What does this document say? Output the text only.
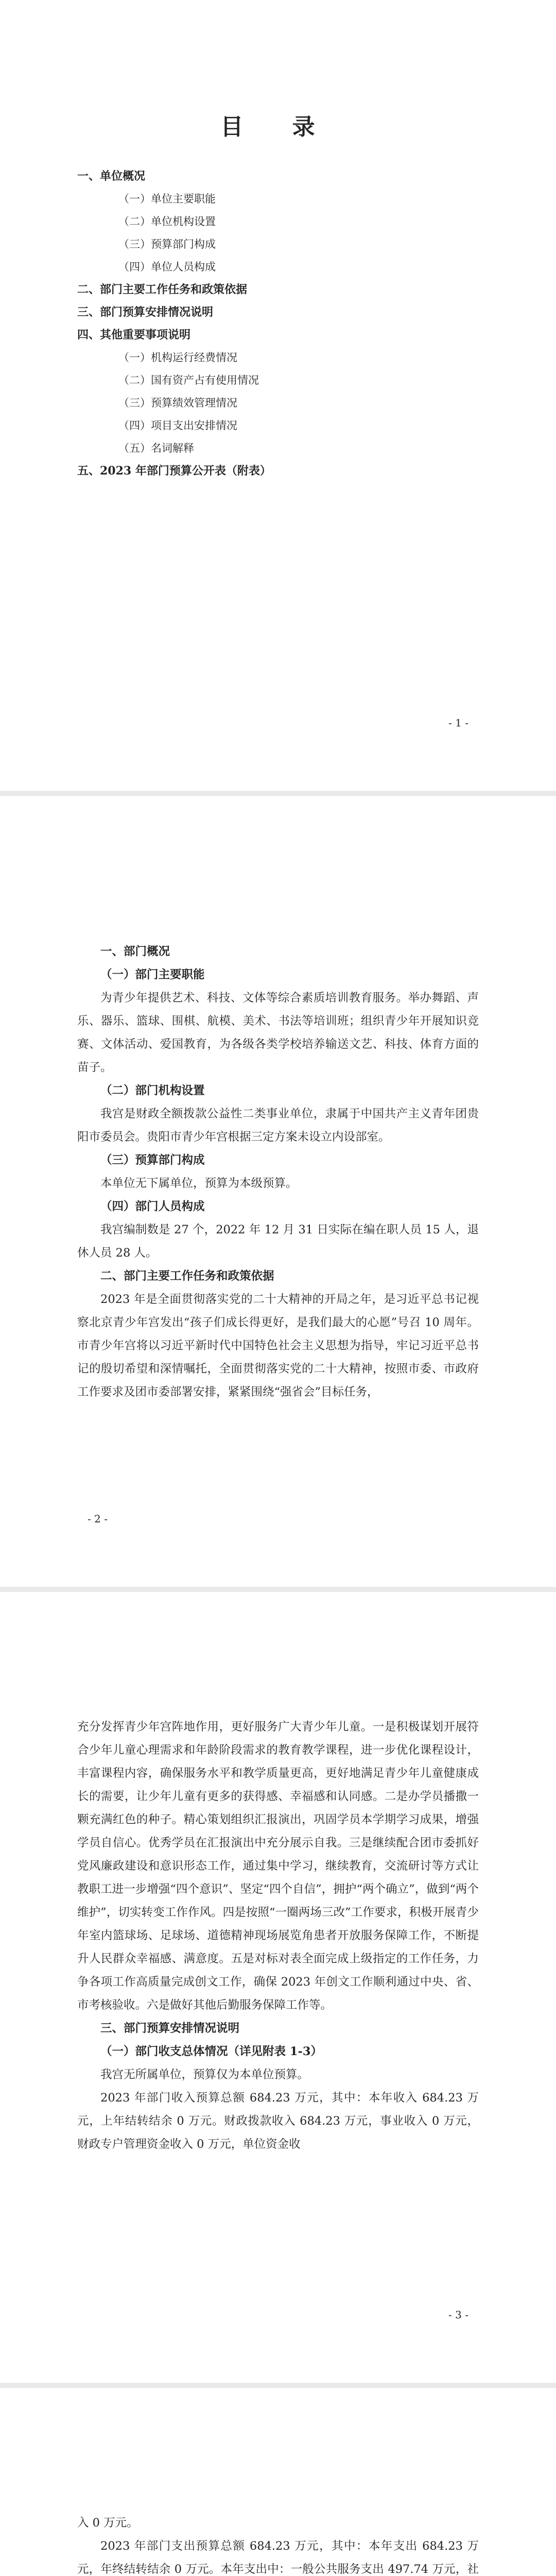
目 录
一、单位概况
（一）单位主要职能
（二）单位机构设置
（三）预算部门构成
（四）单位人员构成
二、部门主要工作任务和政策依据
三、部门预算安排情况说明
四、其他重要事项说明
（一）机构运行经费情况
（二）国有资产占有使用情况
（三）预算绩效管理情况
（四）项目支出安排情况
（五）名词解释
五、2023 年部门预算公开表（附表）
- 1 -

一、部门概况

（一）部门主要职能

为青少年提供艺术、科技、文体等综合素质培训教育服务。举办舞蹈、声乐、器乐、篮球、围棋、航模、美术、书法等培训班；组织青少年开展知识竞赛、文体活动、爱国教育，为各级各类学校培养输送文艺、科技、体育方面的苗子。

（二）部门机构设置

我宫是财政全额拨款公益性二类事业单位，隶属于中国共产主义青年团贵阳市委员会。贵阳市青少年宫根据三定方案未设立内设部室。

（三）预算部门构成

本单位无下属单位，预算为本级预算。

（四）部门人员构成

我宫编制数是 27 个，2022 年 12 月 31 日实际在编在职人员 15 人，退休人员 28 人。

二、部门主要工作任务和政策依据

2023 年是全面贯彻落实党的二十大精神的开局之年，是习近平总书记视察北京青少年宫发出“孩子们成长得更好，是我们最大的心愿”号召 10 周年。市青少年宫将以习近平新时代中国特色社会主义思想为指导，牢记习近平总书记的殷切希望和深情嘱托，全面贯彻落实党的二十大精神，按照市委、市政府工作要求及团市委部署安排，紧紧围绕“强省会”目标任务，

- 2 -

充分发挥青少年宫阵地作用，更好服务广大青少年儿童。一是积极谋划开展符合少年儿童心理需求和年龄阶段需求的教育教学课程，进一步优化课程设计，丰富课程内容，确保服务水平和教学质量更高，更好地满足青少年儿童健康成长的需要，让少年儿童有更多的获得感、幸福感和认同感。二是办学员播撒一颗充满红色的种子。精心策划组织汇报演出，巩固学员本学期学习成果，增强学员自信心。优秀学员在汇报演出中充分展示自我。三是继续配合团市委抓好党风廉政建设和意识形态工作，通过集中学习，继续教育，交流研讨等方式让教职工进一步增强“四个意识”、坚定“四个自信”，拥护“两个确立”，做到“两个维护”，切实转变工作作风。四是按照“一圈两场三改”工作要求，积极开展青少年室内篮球场、足球场、道德精神现场展览角患者开放服务保障工作，不断提升人民群众幸福感、满意度。五是对标对表全面完成上级指定的工作任务，力争各项工作高质量完成创文工作，确保 2023 年创文工作顺利通过中央、省、市考核验收。六是做好其他后勤服务保障工作等。

三、部门预算安排情况说明

（一）部门收支总体情况（详见附表 1-3）

我宫无所属单位，预算仅为本单位预算。

2023 年部门收入预算总额 684.23 万元，其中：本年收入 684.23 万元，上年结转结余 0 万元。财政拨款收入 684.23 万元，事业收入 0 万元，财政专户管理资金收入 0 万元，单位资金收

- 3 -

入 0 万元。

2023 年部门支出预算总额 684.23 万元，其中：本年支出 684.23 万元，年终结转结余 0 万元。本年支出中：一般公共服务支出 497.74 万元，社
